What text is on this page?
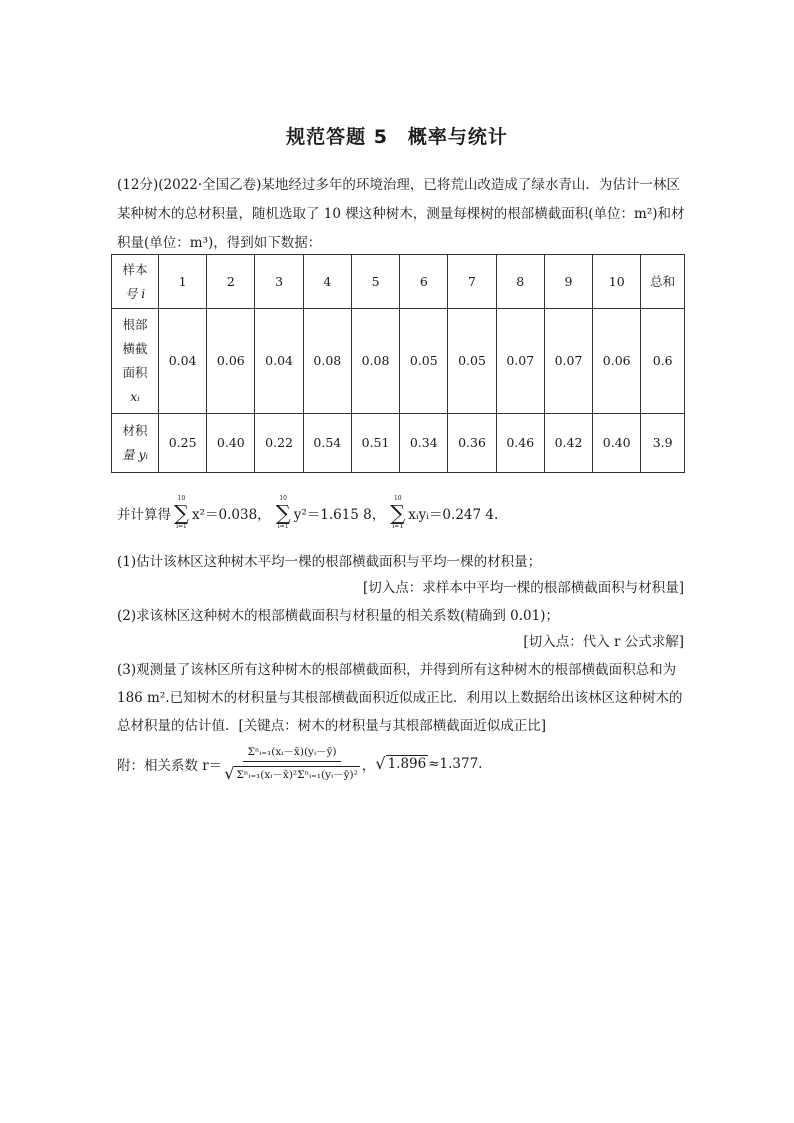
规范答题 5　概率与统计
(12分)(2022·全国乙卷)某地经过多年的环境治理，已将荒山改造成了绿水青山．为估计一林区某种树木的总材积量，随机选取了 10 棵这种树木，测量每棵树的根部横截面积(单位：m²)和材积量(单位：m³)，得到如下数据：
样本
号 i	1	2	3	4	5	6	7	8	9	10	总和

根部
横截
面积
xᵢ	0.04	0.06	0.04	0.08	0.08	0.05	0.05	0.07	0.07	0.06	0.6

材积
量 yᵢ	0.25	0.40	0.22	0.54	0.51	0.34	0.36	0.46	0.42	0.40	3.9
并计算得
10
∑
i=1
x²＝0.038，
10
∑
i=1
y²＝1.615 8，
10
∑
i=1
xᵢyᵢ＝0.247 4.
(1)估计该林区这种树木平均一棵的根部横截面积与平均一棵的材积量；
[切入点：求样本中平均一棵的根部横截面积与材积量]
(2)求该林区这种树木的根部横截面积与材积量的相关系数(精确到 0.01)；
[切入点：代入 r 公式求解]
(3)观测量了该林区所有这种树木的根部横截面积，并得到所有这种树木的根部横截面积总和为 186 m².已知树木的材积量与其根部横截面积近似成正比．利用以上数据给出该林区这种树木的总材积量的估计值．[关键点：树木的材积量与其根部横截面近似成正比]
附：相关系数 $r= \frac{\text{Σⁿᵢ₌₁(xᵢ－x̄)(yᵢ－ȳ)}}{\text{√ Σⁿᵢ₌₁(xᵢ－x̄)²Σⁿᵢ₌₁(yᵢ－ȳ)²}}$ ， √ 1.896 ≈1.377.
